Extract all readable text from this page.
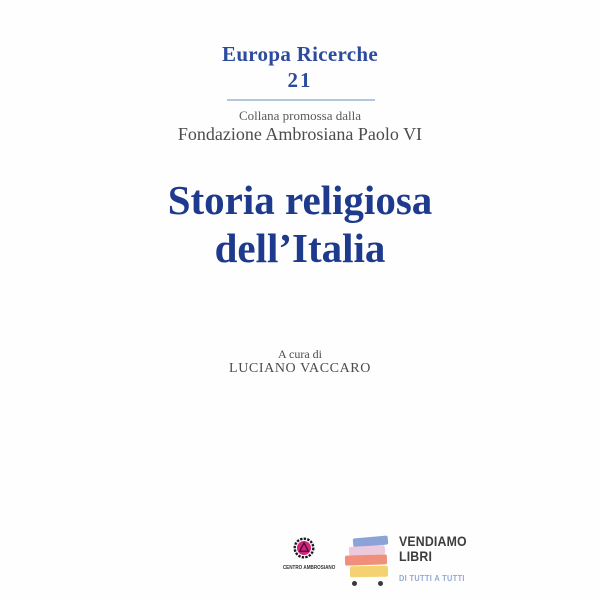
Europa Ricerche
21
Collana promossa dalla
Fondazione Ambrosiana Paolo VI
Storia religiosa
dell’Italia
A cura di
LUCIANO VACCARO
CENTRO AMBROSIANO
VENDIAMO
LIBRI
DI TUTTI A TUTTI
